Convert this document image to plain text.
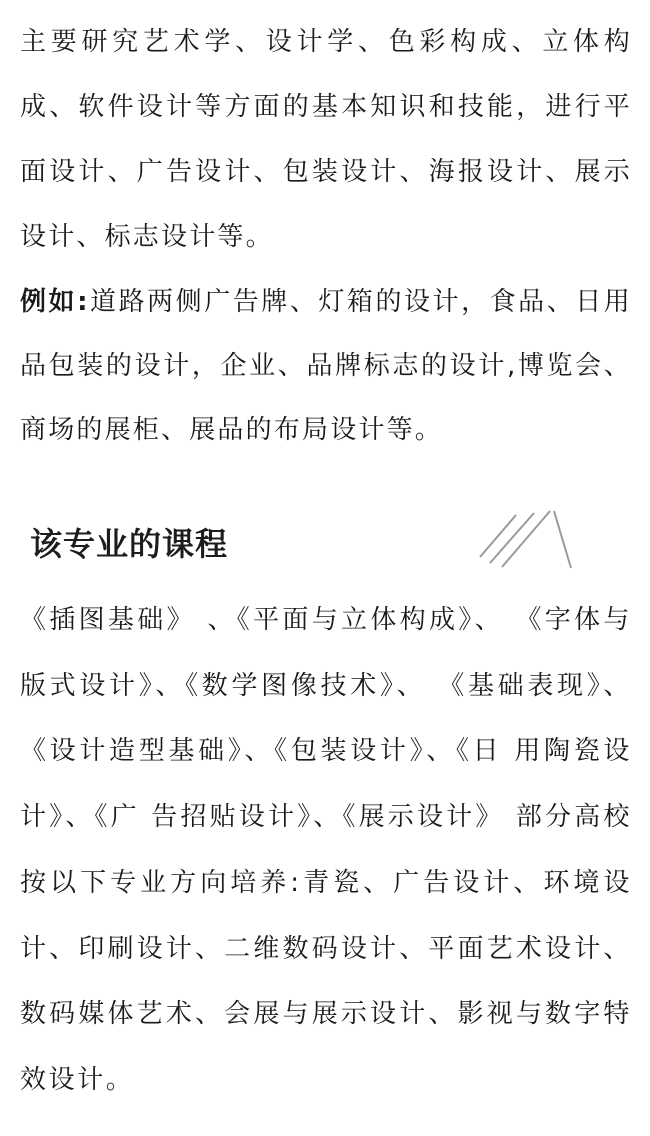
主要研究艺术学、设计学、色彩构成、立体构成、软件设计等方面的基本知识和技能，进行平面设计、广告设计、包装设计、海报设计、展示设计、标志设计等。

例如:道路两侧广告牌、灯箱的设计，食品、日用品包装的设计，企业、品牌标志的设计,博览会、商场的展柜、展品的布局设计等。

该专业的课程

《插图基础》 、《平面与立体构成》、 《字体与 版式设计》、《数学图像技术》、 《基础表现》、 《设计造型基础》、《包装设计》、《日 用陶瓷设计》、《广 告招贴设计》、《展示设计》 部分高校按以下专业方向培养:青瓷、广告设计、环境设计、印刷设计、二维数码设计、平面艺术设计、数码媒体艺术、会展与展示设计、影视与数字特效设计。
